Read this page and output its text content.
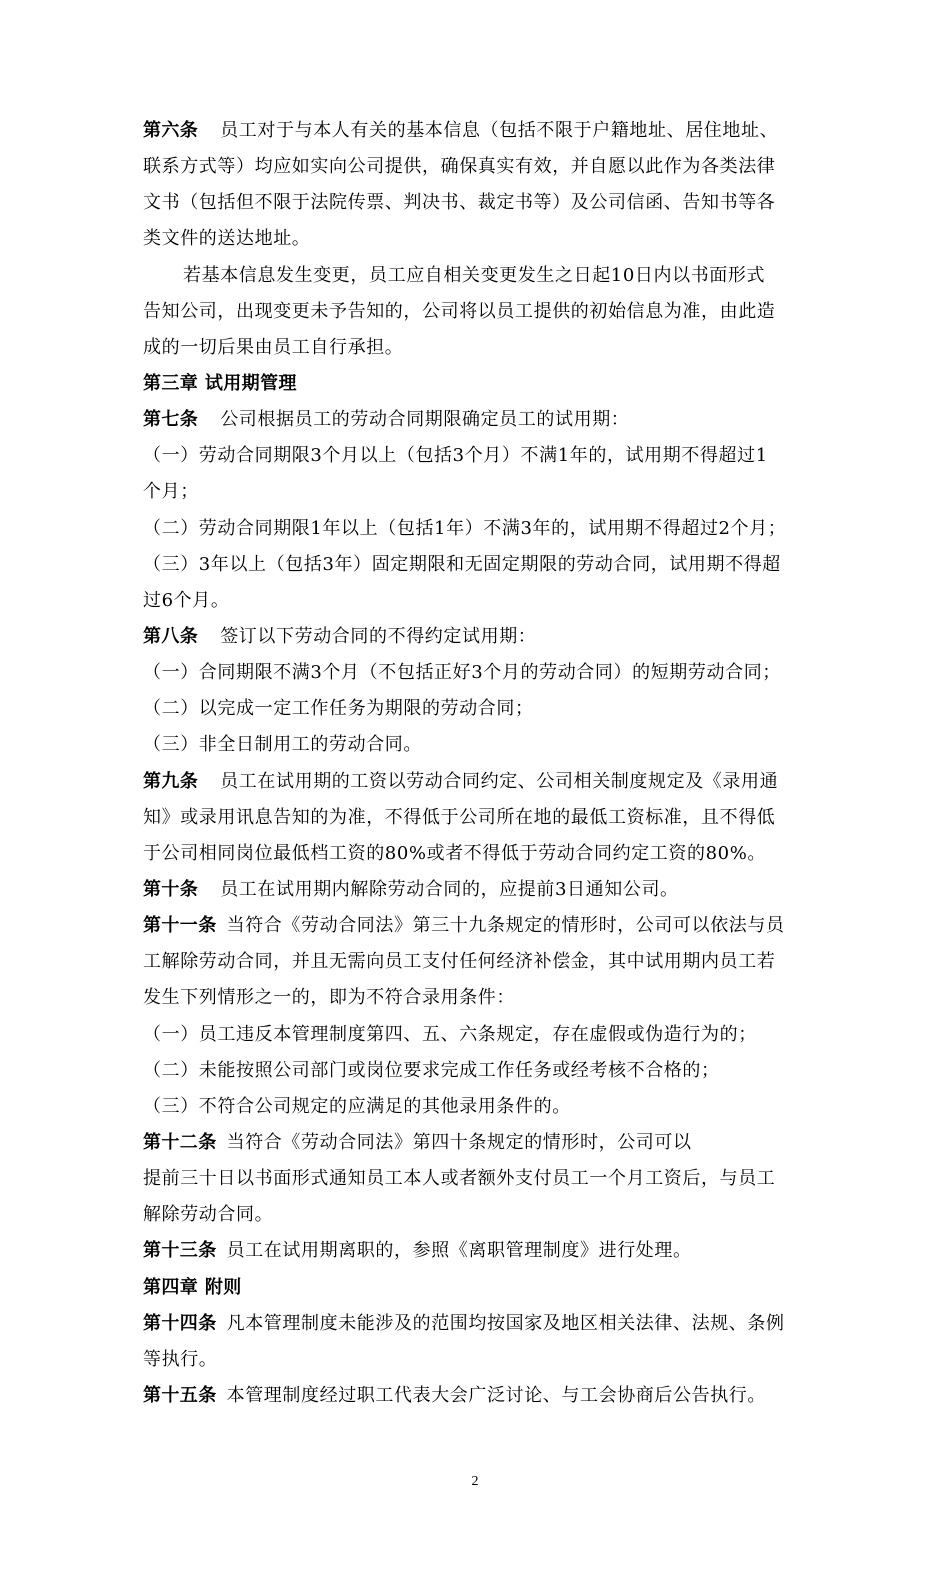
第六条 员工对于与本人有关的基本信息（包括不限于户籍地址、居住地址、
联系方式等）均应如实向公司提供，确保真实有效，并自愿以此作为各类法律
文书（包括但不限于法院传票、判决书、裁定书等）及公司信函、告知书等各
类文件的送达地址。
若基本信息发生变更，员工应自相关变更发生之日起10日内以书面形式
告知公司，出现变更未予告知的，公司将以员工提供的初始信息为准，由此造
成的一切后果由员工自行承担。
第三章 试用期管理
第七条 公司根据员工的劳动合同期限确定员工的试用期：
（一）劳动合同期限3个月以上（包括3个月）不满1年的，试用期不得超过1
个月；
（二）劳动合同期限1年以上（包括1年）不满3年的，试用期不得超过2个月；
（三）3年以上（包括3年）固定期限和无固定期限的劳动合同，试用期不得超
过6个月。
第八条 签订以下劳动合同的不得约定试用期：
（一）合同期限不满3个月（不包括正好3个月的劳动合同）的短期劳动合同；
（二）以完成一定工作任务为期限的劳动合同；
（三）非全日制用工的劳动合同。
第九条 员工在试用期的工资以劳动合同约定、公司相关制度规定及《录用通
知》或录用讯息告知的为准，不得低于公司所在地的最低工资标准，且不得低
于公司相同岗位最低档工资的80%或者不得低于劳动合同约定工资的80%。
第十条 员工在试用期内解除劳动合同的，应提前3日通知公司。
第十一条 当符合《劳动合同法》第三十九条规定的情形时，公司可以依法与员
工解除劳动合同，并且无需向员工支付任何经济补偿金，其中试用期内员工若
发生下列情形之一的，即为不符合录用条件：
（一）员工违反本管理制度第四、五、六条规定，存在虚假或伪造行为的；
（二）未能按照公司部门或岗位要求完成工作任务或经考核不合格的；
（三）不符合公司规定的应满足的其他录用条件的。
第十二条 当符合《劳动合同法》第四十条规定的情形时，公司可以
提前三十日以书面形式通知员工本人或者额外支付员工一个月工资后，与员工
解除劳动合同。
第十三条 员工在试用期离职的，参照《离职管理制度》进行处理。
第四章 附则
第十四条 凡本管理制度未能涉及的范围均按国家及地区相关法律、法规、条例
等执行。
第十五条 本管理制度经过职工代表大会广泛讨论、与工会协商后公告执行。
2
